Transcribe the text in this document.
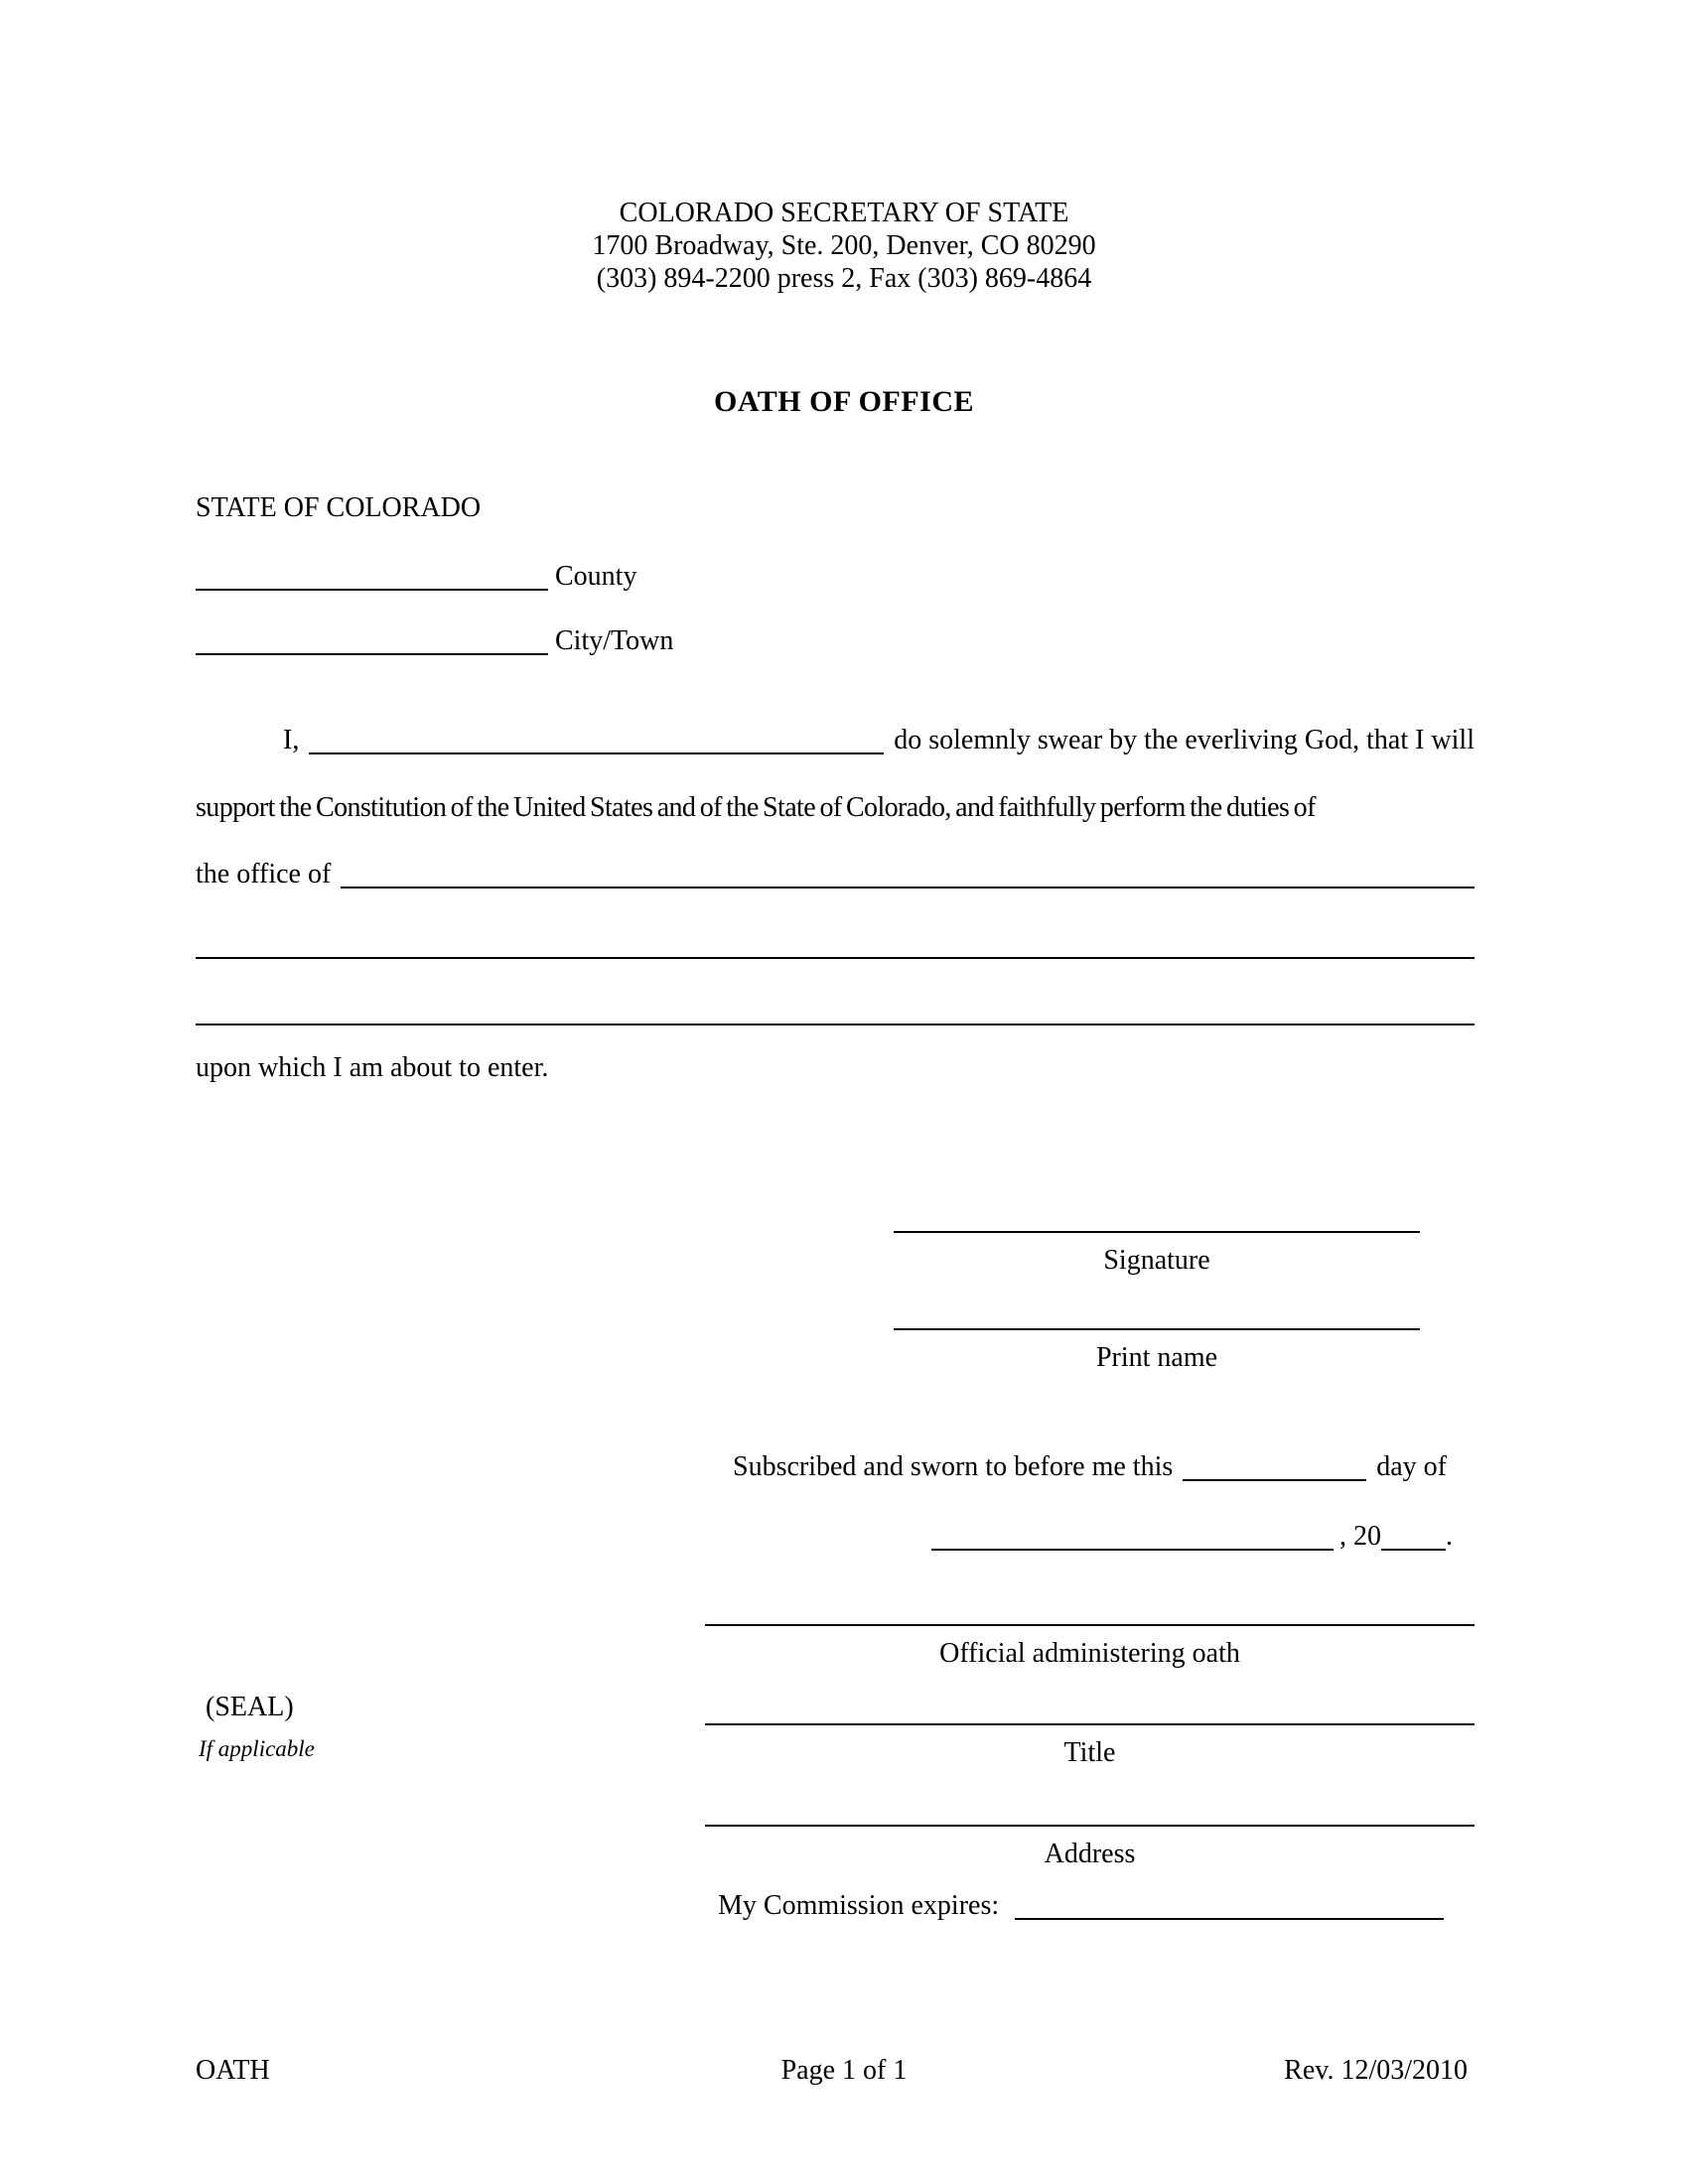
COLORADO SECRETARY OF STATE
1700 Broadway, Ste. 200, Denver, CO 80290
(303) 894-2200 press 2, Fax (303) 869-4864
OATH OF OFFICE
STATE OF COLORADO
County
City/Town
I,	do solemnly swear by the everliving God, that I will
support the Constitution of the United States and of the State of Colorado, and faithfully perform the duties of
the office of
upon which I am about to enter.
Signature
Print name
Subscribed and sworn to before me this	day of
, 20 .
Official administering oath
(SEAL)
If applicable	Title
Address
My Commission expires:
OATH	Page 1 of 1	Rev. 12/03/2010
